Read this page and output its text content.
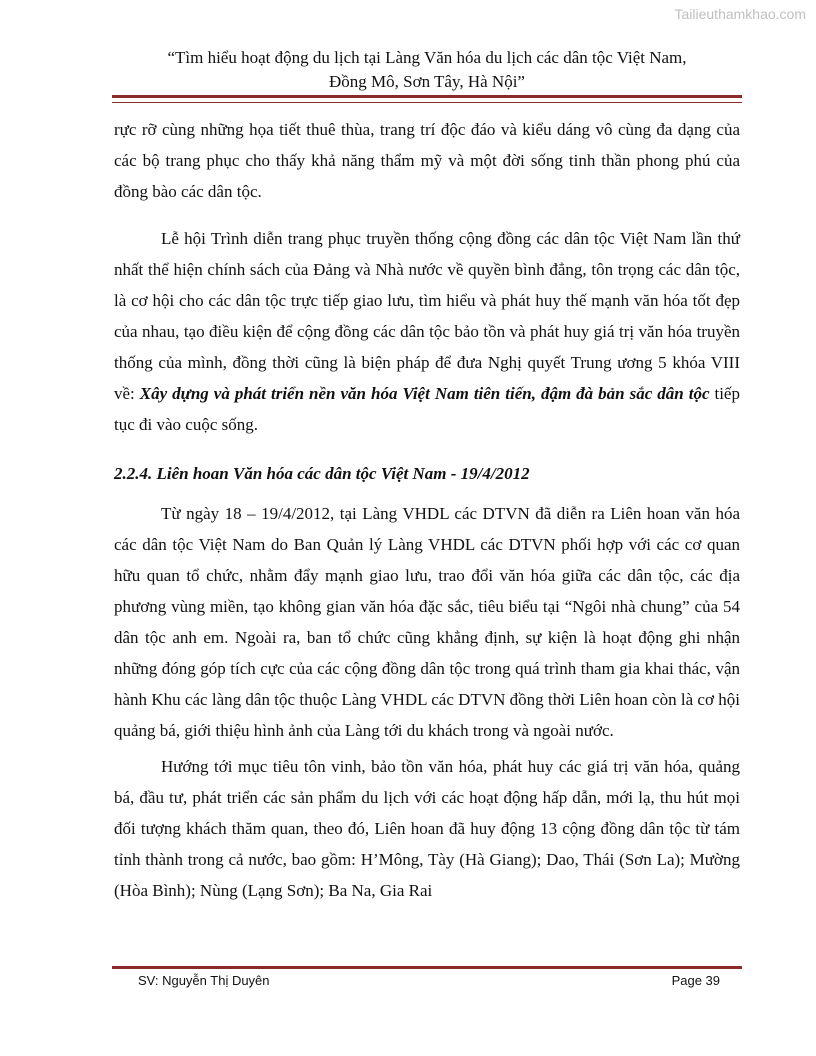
Tailieuthamkhao.com
“Tìm hiểu hoạt động du lịch tại Làng Văn hóa du lịch các dân tộc Việt Nam,
Đồng Mô, Sơn Tây, Hà Nội”

rực rỡ cùng những họa tiết thuê thùa, trang trí độc đáo và kiểu dáng vô cùng đa dạng của các bộ trang phục cho thấy khả năng thẩm mỹ và một đời sống tinh thần phong phú của đồng bào các dân tộc.

Lễ hội Trình diễn trang phục truyền thống cộng đồng các dân tộc Việt Nam lần thứ nhất thể hiện chính sách của Đảng và Nhà nước về quyền bình đẳng, tôn trọng các dân tộc, là cơ hội cho các dân tộc trực tiếp giao lưu, tìm hiểu và phát huy thế mạnh văn hóa tốt đẹp của nhau, tạo điều kiện để cộng đồng các dân tộc bảo tồn và phát huy giá trị văn hóa truyền thống của mình, đồng thời cũng là biện pháp để đưa Nghị quyết Trung ương 5 khóa VIII về: Xây dựng và phát triển nền văn hóa Việt Nam tiên tiến, đậm đà bản sắc dân tộc tiếp tục đi vào cuộc sống.

2.2.4. Liên hoan Văn hóa các dân tộc Việt Nam - 19/4/2012

Từ ngày 18 – 19/4/2012, tại Làng VHDL các DTVN đã diễn ra Liên hoan văn hóa các dân tộc Việt Nam do Ban Quản lý Làng VHDL các DTVN phối hợp với các cơ quan hữu quan tổ chức, nhằm đẩy mạnh giao lưu, trao đổi văn hóa giữa các dân tộc, các địa phương vùng miền, tạo không gian văn hóa đặc sắc, tiêu biểu tại “Ngôi nhà chung” của 54 dân tộc anh em. Ngoài ra, ban tổ chức cũng khẳng định, sự kiện là hoạt động ghi nhận những đóng góp tích cực của các cộng đồng dân tộc trong quá trình tham gia khai thác, vận hành Khu các làng dân tộc thuộc Làng VHDL các DTVN đồng thời Liên hoan còn là cơ hội quảng bá, giới thiệu hình ảnh của Làng tới du khách trong và ngoài nước.

Hướng tới mục tiêu tôn vinh, bảo tồn văn hóa, phát huy các giá trị văn hóa, quảng bá, đầu tư, phát triển các sản phẩm du lịch với các hoạt động hấp dẫn, mới lạ, thu hút mọi đối tượng khách thăm quan, theo đó, Liên hoan đã huy động 13 cộng đồng dân tộc từ tám tỉnh thành trong cả nước, bao gồm: H’Mông, Tày (Hà Giang); Dao, Thái (Sơn La); Mường (Hòa Bình); Nùng (Lạng Sơn); Ba Na, Gia Rai

SV: Nguyễn Thị Duyên	Page 39
